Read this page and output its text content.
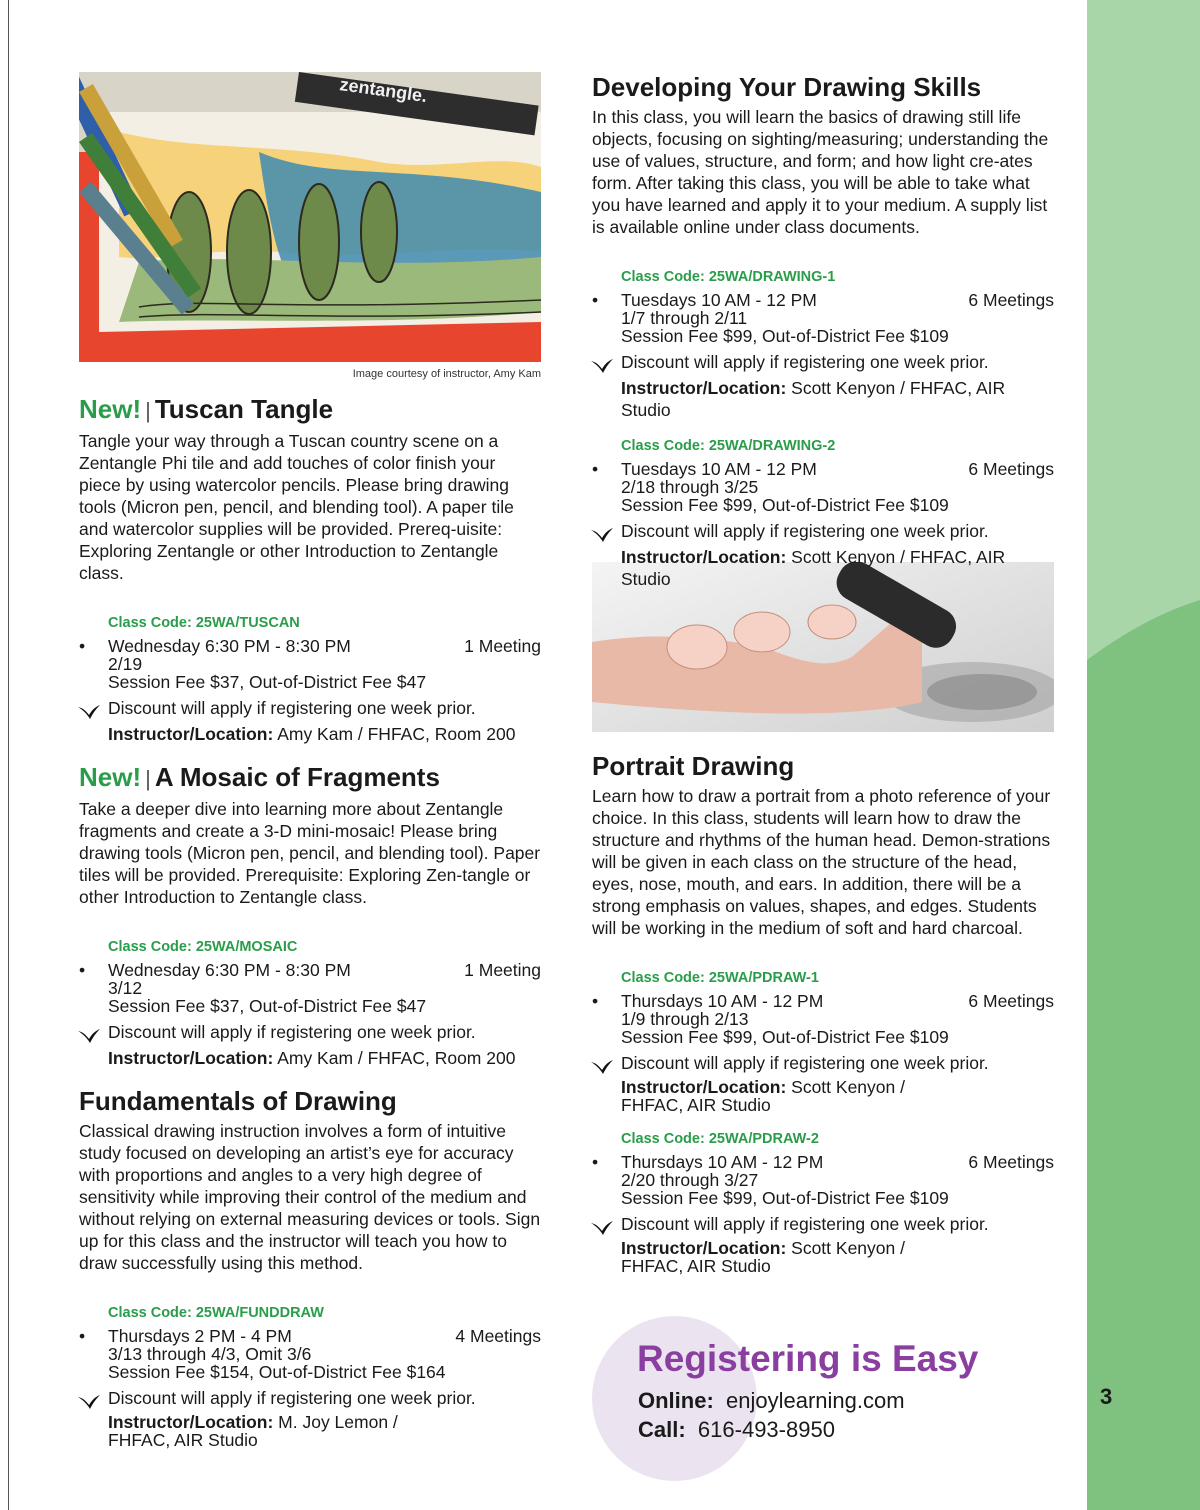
3
zentangle.
Image courtesy of instructor, Amy Kam
New! | Tuscan Tangle

Tangle your way through a Tuscan country scene on a Zentangle Phi tile and add touches of color finish your piece by using watercolor pencils. Please bring drawing tools (Micron pen, pencil, and blending tool). A paper tile and watercolor supplies will be provided. Prereq-uisite: Exploring Zentangle or other Introduction to Zentangle class.

Class Code: 25WA/TUSCAN
• Wednesday 6:30 PM - 8:30 PM	1 Meeting
2/19
Session Fee $37, Out-of-District Fee $47
Discount will apply if registering one week prior.
Instructor/Location: Amy Kam / FHFAC, Room 200
New! | A Mosaic of Fragments

Take a deeper dive into learning more about Zentangle fragments and create a 3-D mini-mosaic! Please bring drawing tools (Micron pen, pencil, and blending tool). Paper tiles will be provided. Prerequisite: Exploring Zen-tangle or other Introduction to Zentangle class.

Class Code: 25WA/MOSAIC
• Wednesday 6:30 PM - 8:30 PM	1 Meeting
3/12
Session Fee $37, Out-of-District Fee $47
Discount will apply if registering one week prior.
Instructor/Location: Amy Kam / FHFAC, Room 200
Fundamentals of Drawing

Classical drawing instruction involves a form of intuitive study focused on developing an artist’s eye for accuracy with proportions and angles to a very high degree of sensitivity while improving their control of the medium and without relying on external measuring devices or tools. Sign up for this class and the instructor will teach you how to draw successfully using this method.

Class Code: 25WA/FUNDDRAW
• Thursdays 2 PM - 4 PM	4 Meetings
3/13 through 4/3, Omit 3/6
Session Fee $154, Out-of-District Fee $164
Discount will apply if registering one week prior.
Instructor/Location: M. Joy Lemon /
FHFAC, AIR Studio
Developing Your Drawing Skills

In this class, you will learn the basics of drawing still life objects, focusing on sighting/measuring; understanding the use of values, structure, and form; and how light cre-ates form. After taking this class, you will be able to take what you have learned and apply it to your medium. A supply list is available online under class documents.

Class Code: 25WA/DRAWING-1
• Tuesdays 10 AM - 12 PM	6 Meetings
1/7 through 2/11
Session Fee $99, Out-of-District Fee $109
Discount will apply if registering one week prior.
Instructor/Location: Scott Kenyon / FHFAC, AIR Studio
Class Code: 25WA/DRAWING-2
• Tuesdays 10 AM - 12 PM	6 Meetings
2/18 through 3/25
Session Fee $99, Out-of-District Fee $109
Discount will apply if registering one week prior.
Instructor/Location: Scott Kenyon / FHFAC, AIR Studio
Portrait Drawing

Learn how to draw a portrait from a photo reference of your choice. In this class, students will learn how to draw the structure and rhythms of the human head. Demon-strations will be given in each class on the structure of the head, eyes, nose, mouth, and ears. In addition, there will be a strong emphasis on values, shapes, and edges. Students will be working in the medium of soft and hard charcoal.

Class Code: 25WA/PDRAW-1
• Thursdays 10 AM - 12 PM	6 Meetings
1/9 through 2/13
Session Fee $99, Out-of-District Fee $109
Discount will apply if registering one week prior.
Instructor/Location: Scott Kenyon /
FHFAC, AIR Studio
Class Code: 25WA/PDRAW-2
• Thursdays 10 AM - 12 PM	6 Meetings
2/20 through 3/27
Session Fee $99, Out-of-District Fee $109
Discount will apply if registering one week prior.
Instructor/Location: Scott Kenyon /
FHFAC, AIR Studio
Registering is Easy
Online: enjoylearning.com
Call: 616-493-8950
